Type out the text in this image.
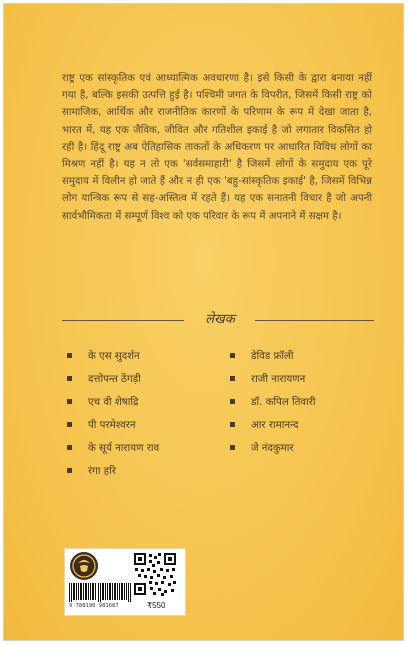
राष्ट्र एक सांस्कृतिक एवं आध्यात्मिक अवधारणा है। इसे किसी के द्वारा बनाया नहीं गया है, बल्कि इसकी उत्पत्ति हुई है। पश्चिमी जगत के विपरीत, जिसमें किसी राष्ट्र को सामाजिक, आर्थिक और राजनीतिक कारणों के परिणाम के रूप में देखा जाता है, भारत में, यह एक जैविक, जीवित और गतिशील इकाई है जो लगातार विकसित हो रही है। हिंदू राष्ट्र अब ऐतिहासिक ताकतों के अधिकरण पर आधारित विविध लोगों का मिश्रण नहीं है। यह न तो एक 'सर्वसमाहारी' है जिसमें लोगों के समुदाय एक पूरे समुदाय में विलीन हो जाते हैं और न ही एक 'बहु-सांस्कृतिक इकाई' है, जिसमें विभिन्न लोग यान्त्रिक रूप से सह-अस्तित्व में रहते हैं। यह एक सनातनी विचार है जो अपनी सार्वभौमिकता में सम्पूर्ण विश्व को एक परिवार के रूप में अपनाने में सक्षम है।

लेखक
के एस सुदर्शन
दत्तोपन्त ठेंगड़ी
एच वी शेषाद्रि
पी परमेश्वरन
के सूर्य नारायण राव
रंगा हरि
डेविड फ्रॉली
राजी नारायणन
डॉ. कपिल तिवारी
आर रामानन्द
जे नंदकुमार
9 788190 981687	₹550
